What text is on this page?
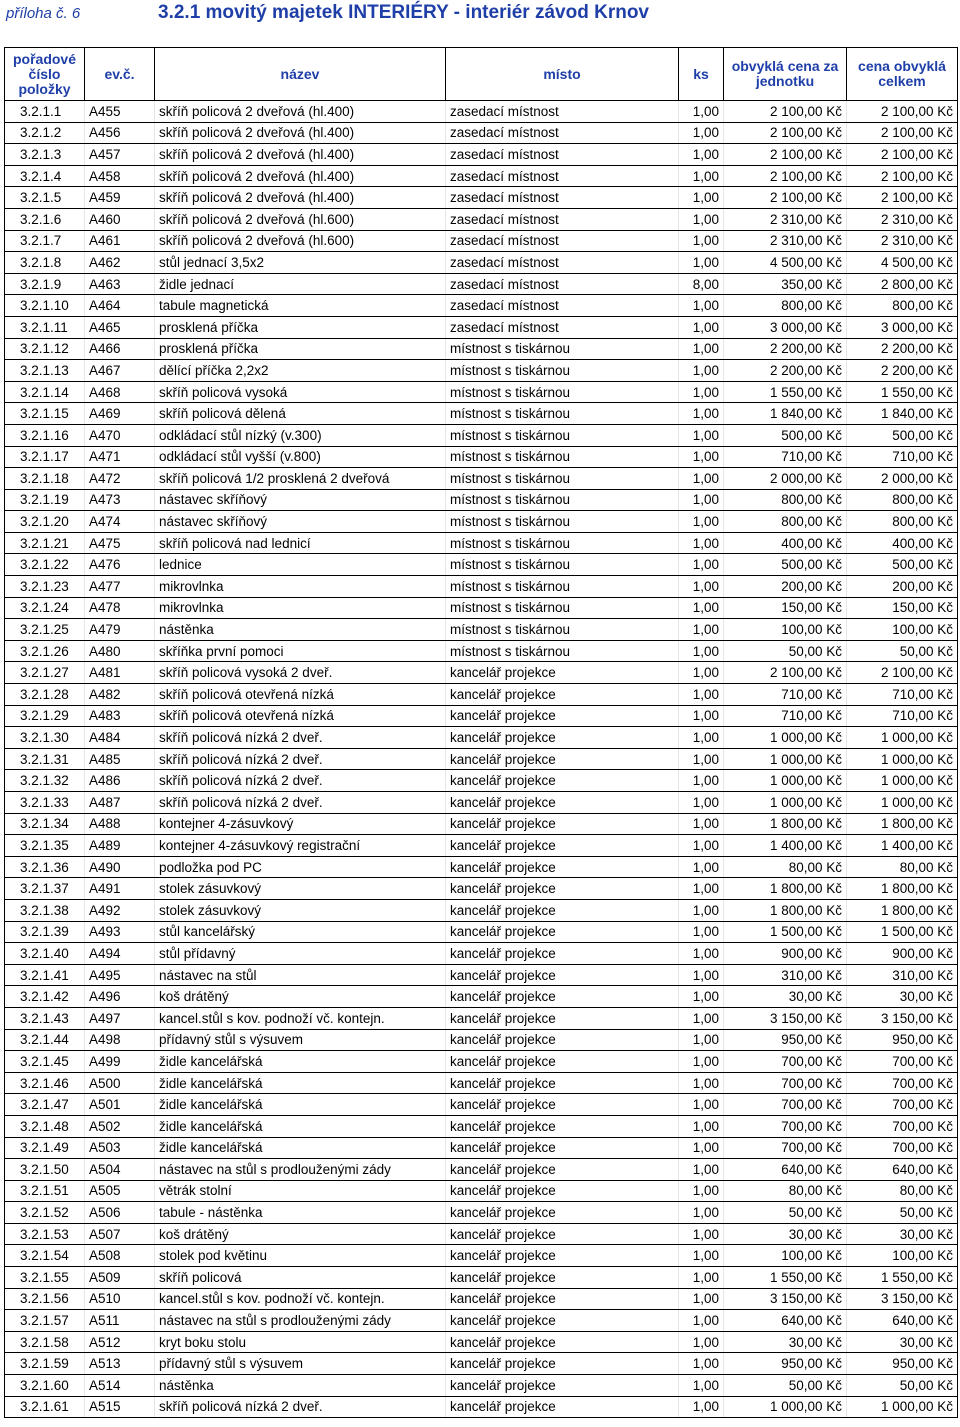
příloha č. 6	3.2.1 movitý majetek INTERIÉRY - interiér závod Krnov
pořadové číslo položky	ev.č.	název	místo	ks	obvyklá cena za jednotku	cena obvyklá celkem
3.2.1.1	A455	skříň policová 2 dveřová (hl.400)	zasedací místnost	1,00	2 100,00 Kč	2 100,00 Kč
3.2.1.2	A456	skříň policová 2 dveřová (hl.400)	zasedací místnost	1,00	2 100,00 Kč	2 100,00 Kč
3.2.1.3	A457	skříň policová 2 dveřová (hl.400)	zasedací místnost	1,00	2 100,00 Kč	2 100,00 Kč
3.2.1.4	A458	skříň policová 2 dveřová (hl.400)	zasedací místnost	1,00	2 100,00 Kč	2 100,00 Kč
3.2.1.5	A459	skříň policová 2 dveřová (hl.400)	zasedací místnost	1,00	2 100,00 Kč	2 100,00 Kč
3.2.1.6	A460	skříň policová 2 dveřová (hl.600)	zasedací místnost	1,00	2 310,00 Kč	2 310,00 Kč
3.2.1.7	A461	skříň policová 2 dveřová (hl.600)	zasedací místnost	1,00	2 310,00 Kč	2 310,00 Kč
3.2.1.8	A462	stůl jednací 3,5x2	zasedací místnost	1,00	4 500,00 Kč	4 500,00 Kč
3.2.1.9	A463	židle jednací	zasedací místnost	8,00	350,00 Kč	2 800,00 Kč
3.2.1.10	A464	tabule magnetická	zasedací místnost	1,00	800,00 Kč	800,00 Kč
3.2.1.11	A465	prosklená příčka	zasedací místnost	1,00	3 000,00 Kč	3 000,00 Kč
3.2.1.12	A466	prosklená příčka	místnost s tiskárnou	1,00	2 200,00 Kč	2 200,00 Kč
3.2.1.13	A467	dělící příčka 2,2x2	místnost s tiskárnou	1,00	2 200,00 Kč	2 200,00 Kč
3.2.1.14	A468	skříň policová vysoká	místnost s tiskárnou	1,00	1 550,00 Kč	1 550,00 Kč
3.2.1.15	A469	skříň policová dělená	místnost s tiskárnou	1,00	1 840,00 Kč	1 840,00 Kč
3.2.1.16	A470	odkládací stůl nízký (v.300)	místnost s tiskárnou	1,00	500,00 Kč	500,00 Kč
3.2.1.17	A471	odkládací stůl vyšší (v.800)	místnost s tiskárnou	1,00	710,00 Kč	710,00 Kč
3.2.1.18	A472	skříň policová 1/2 prosklená 2 dveřová	místnost s tiskárnou	1,00	2 000,00 Kč	2 000,00 Kč
3.2.1.19	A473	nástavec skříňový	místnost s tiskárnou	1,00	800,00 Kč	800,00 Kč
3.2.1.20	A474	nástavec skříňový	místnost s tiskárnou	1,00	800,00 Kč	800,00 Kč
3.2.1.21	A475	skříň policová nad lednicí	místnost s tiskárnou	1,00	400,00 Kč	400,00 Kč
3.2.1.22	A476	lednice	místnost s tiskárnou	1,00	500,00 Kč	500,00 Kč
3.2.1.23	A477	mikrovlnka	místnost s tiskárnou	1,00	200,00 Kč	200,00 Kč
3.2.1.24	A478	mikrovlnka	místnost s tiskárnou	1,00	150,00 Kč	150,00 Kč
3.2.1.25	A479	nástěnka	místnost s tiskárnou	1,00	100,00 Kč	100,00 Kč
3.2.1.26	A480	skříňka první pomoci	místnost s tiskárnou	1,00	50,00 Kč	50,00 Kč
3.2.1.27	A481	skříň policová vysoká 2 dveř.	kancelář projekce	1,00	2 100,00 Kč	2 100,00 Kč
3.2.1.28	A482	skříň policová otevřená nízká	kancelář projekce	1,00	710,00 Kč	710,00 Kč
3.2.1.29	A483	skříň policová otevřená nízká	kancelář projekce	1,00	710,00 Kč	710,00 Kč
3.2.1.30	A484	skříň policová nízká 2 dveř.	kancelář projekce	1,00	1 000,00 Kč	1 000,00 Kč
3.2.1.31	A485	skříň policová nízká 2 dveř.	kancelář projekce	1,00	1 000,00 Kč	1 000,00 Kč
3.2.1.32	A486	skříň policová nízká 2 dveř.	kancelář projekce	1,00	1 000,00 Kč	1 000,00 Kč
3.2.1.33	A487	skříň policová nízká 2 dveř.	kancelář projekce	1,00	1 000,00 Kč	1 000,00 Kč
3.2.1.34	A488	kontejner 4-zásuvkový	kancelář projekce	1,00	1 800,00 Kč	1 800,00 Kč
3.2.1.35	A489	kontejner 4-zásuvkový registrační	kancelář projekce	1,00	1 400,00 Kč	1 400,00 Kč
3.2.1.36	A490	podložka pod PC	kancelář projekce	1,00	80,00 Kč	80,00 Kč
3.2.1.37	A491	stolek zásuvkový	kancelář projekce	1,00	1 800,00 Kč	1 800,00 Kč
3.2.1.38	A492	stolek zásuvkový	kancelář projekce	1,00	1 800,00 Kč	1 800,00 Kč
3.2.1.39	A493	stůl kancelářský	kancelář projekce	1,00	1 500,00 Kč	1 500,00 Kč
3.2.1.40	A494	stůl přídavný	kancelář projekce	1,00	900,00 Kč	900,00 Kč
3.2.1.41	A495	nástavec na stůl	kancelář projekce	1,00	310,00 Kč	310,00 Kč
3.2.1.42	A496	koš drátěný	kancelář projekce	1,00	30,00 Kč	30,00 Kč
3.2.1.43	A497	kancel.stůl s kov. podnoží vč. kontejn.	kancelář projekce	1,00	3 150,00 Kč	3 150,00 Kč
3.2.1.44	A498	přídavný stůl s výsuvem	kancelář projekce	1,00	950,00 Kč	950,00 Kč
3.2.1.45	A499	židle kancelářská	kancelář projekce	1,00	700,00 Kč	700,00 Kč
3.2.1.46	A500	židle kancelářská	kancelář projekce	1,00	700,00 Kč	700,00 Kč
3.2.1.47	A501	židle kancelářská	kancelář projekce	1,00	700,00 Kč	700,00 Kč
3.2.1.48	A502	židle kancelářská	kancelář projekce	1,00	700,00 Kč	700,00 Kč
3.2.1.49	A503	židle kancelářská	kancelář projekce	1,00	700,00 Kč	700,00 Kč
3.2.1.50	A504	nástavec na stůl s prodlouženými zády	kancelář projekce	1,00	640,00 Kč	640,00 Kč
3.2.1.51	A505	větrák stolní	kancelář projekce	1,00	80,00 Kč	80,00 Kč
3.2.1.52	A506	tabule - nástěnka	kancelář projekce	1,00	50,00 Kč	50,00 Kč
3.2.1.53	A507	koš drátěný	kancelář projekce	1,00	30,00 Kč	30,00 Kč
3.2.1.54	A508	stolek pod květinu	kancelář projekce	1,00	100,00 Kč	100,00 Kč
3.2.1.55	A509	skříň policová	kancelář projekce	1,00	1 550,00 Kč	1 550,00 Kč
3.2.1.56	A510	kancel.stůl s kov. podnoží vč. kontejn.	kancelář projekce	1,00	3 150,00 Kč	3 150,00 Kč
3.2.1.57	A511	nástavec na stůl s prodlouženými zády	kancelář projekce	1,00	640,00 Kč	640,00 Kč
3.2.1.58	A512	kryt boku stolu	kancelář projekce	1,00	30,00 Kč	30,00 Kč
3.2.1.59	A513	přídavný stůl s výsuvem	kancelář projekce	1,00	950,00 Kč	950,00 Kč
3.2.1.60	A514	nástěnka	kancelář projekce	1,00	50,00 Kč	50,00 Kč
3.2.1.61	A515	skříň policová nízká 2 dveř.	kancelář projekce	1,00	1 000,00 Kč	1 000,00 Kč
